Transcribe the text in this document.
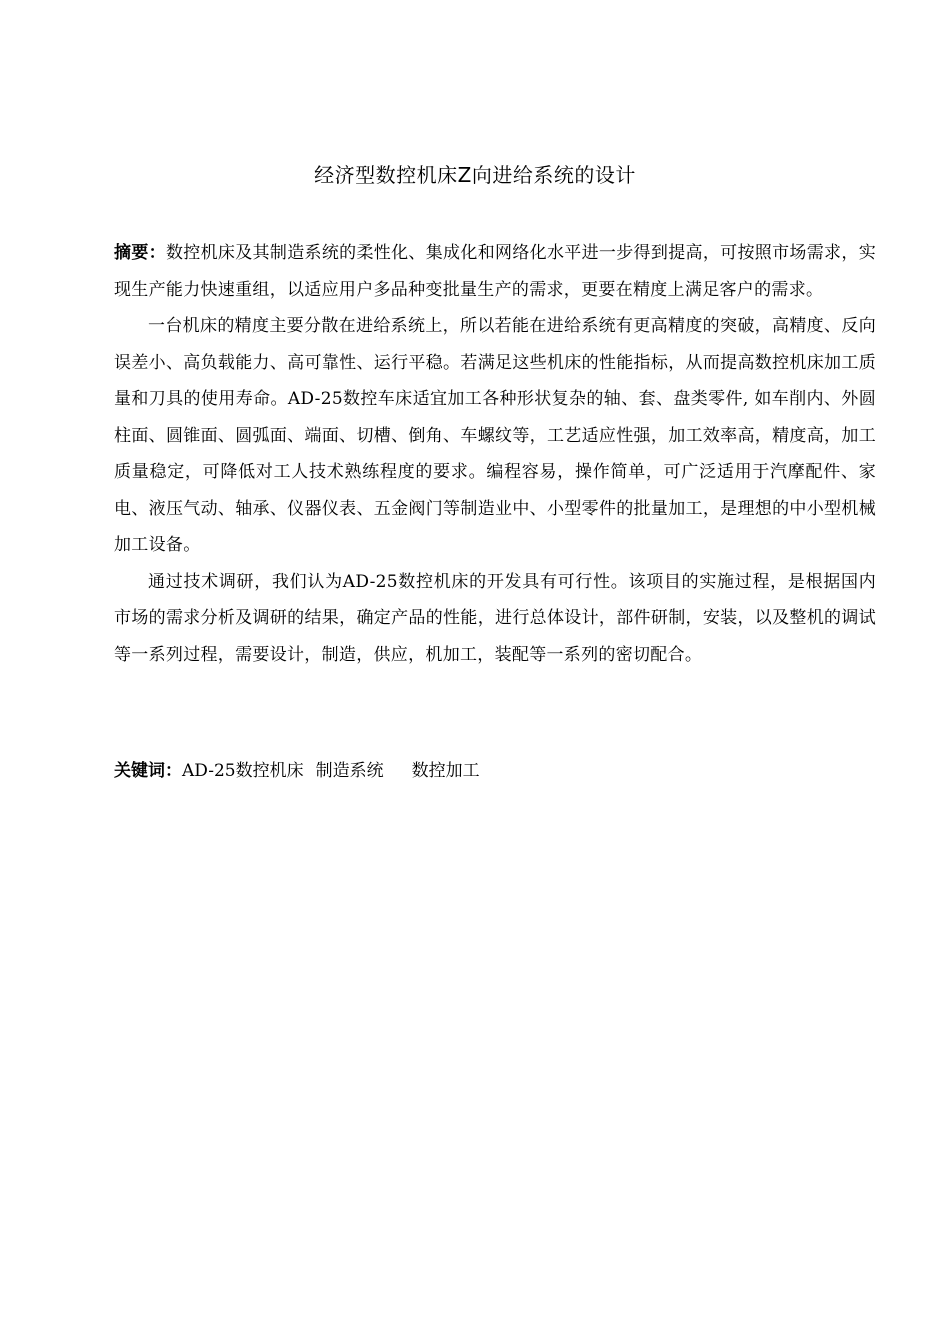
经济型数控机床Z向进给系统的设计

摘要：数控机床及其制造系统的柔性化、集成化和网络化水平进一步得到提高，可按照市场需求，实现生产能力快速重组，以适应用户多品种变批量生产的需求，更要在精度上满足客户的需求。

一台机床的精度主要分散在进给系统上，所以若能在进给系统有更高精度的突破，高精度、反向误差小、高负载能力、高可靠性、运行平稳。若满足这些机床的性能指标，从而提高数控机床加工质量和刀具的使用寿命。AD-25数控车床适宜加工各种形状复杂的轴、套、盘类零件, 如车削内、外圆柱面、圆锥面、圆弧面、端面、切槽、倒角、车螺纹等，工艺适应性强，加工效率高，精度高，加工质量稳定，可降低对工人技术熟练程度的要求。编程容易，操作简单，可广泛适用于汽摩配件、家电、液压气动、轴承、仪器仪表、五金阀门等制造业中、小型零件的批量加工，是理想的中小型机械加工设备。

通过技术调研，我们认为AD-25数控机床的开发具有可行性。该项目的实施过程，是根据国内市场的需求分析及调研的结果，确定产品的性能，进行总体设计，部件研制，安装，以及整机的调试等一系列过程，需要设计，制造，供应，机加工，装配等一系列的密切配合。

关键词：AD-25数控机床 制造系统 数控加工
